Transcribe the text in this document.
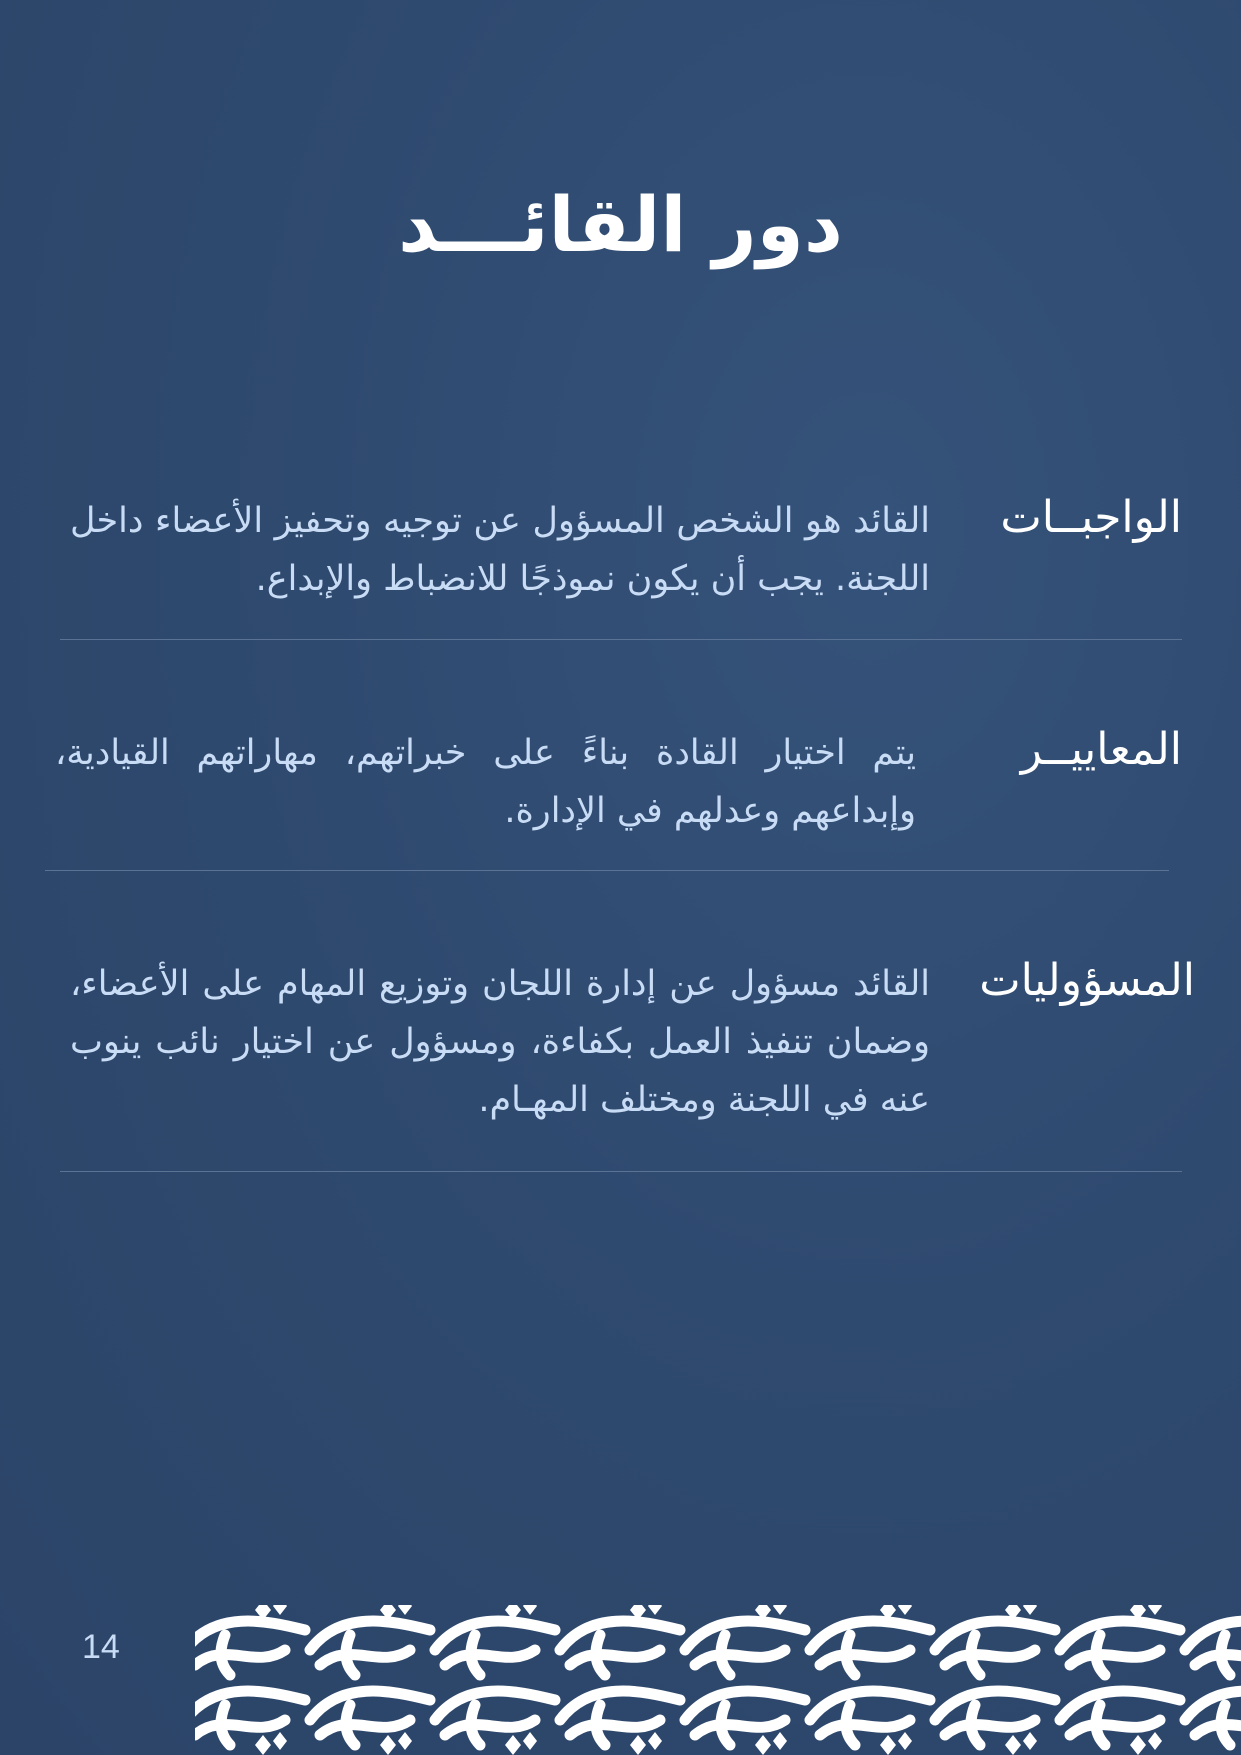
دور القائـــد
الواجبــات
القائد هو الشخص المسؤول عن توجيه وتحفيز الأعضاء داخل اللجنة. يجب أن يكون نموذجًا للانضباط والإبداع.
المعاييــر
يتم اختيار القادة بناءً على خبراتهم، مهاراتهم القيادية، وإبداعهم وعدلهم في الإدارة.
المسؤوليات
القائد مسؤول عن إدارة اللجان وتوزيع المهام على الأعضاء، وضمان تنفيذ العمل بكفاءة، ومسؤول عن اختيار نائب ينوب عنه في اللجنة ومختلف المهـام.
14
